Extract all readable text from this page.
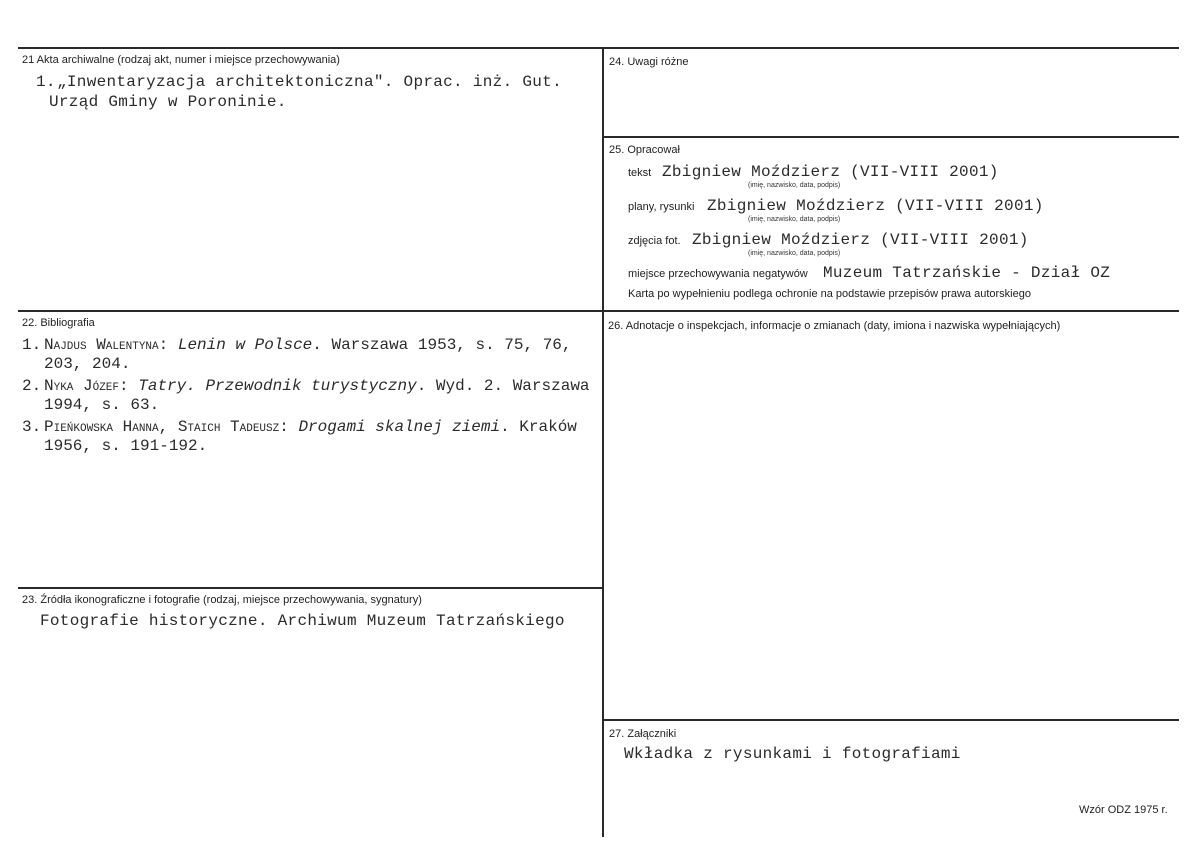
21 Akta archiwalne (rodzaj akt, numer i miejsce przechowywania)
1. „Inwentaryzacja architektoniczna". Oprac. inż. Gut.
Urząd Gminy w Poroninie.
22. Bibliografia
1. Najdus Walentyna: Lenin w Polsce. Warszawa 1953, s. 75, 76, 203, 204.
2. Nyka Józef: Tatry. Przewodnik turystyczny. Wyd. 2. Warszawa 1994, s. 63.
3. Pieńkowska Hanna, Staich Tadeusz: Drogami skalnej ziemi. Kraków 1956, s. 191-192.
23. Źródła ikonograficzne i fotografie (rodzaj, miejsce przechowywania, sygnatury)
Fotografie historyczne. Archiwum Muzeum Tatrzańskiego
24. Uwagi różne
25. Opracował
tekst Zbigniew Moździerz (VII-VIII 2001)
(imię, nazwisko, data, podpis)
plany, rysunki Zbigniew Moździerz (VII-VIII 2001)
(imię, nazwisko, data, podpis)
zdjęcia fot. Zbigniew Moździerz (VII-VIII 2001)
(imię, nazwisko, data, podpis)
miejsce przechowywania negatywów Muzeum Tatrzańskie - Dział OZ
Karta po wypełnieniu podlega ochronie na podstawie przepisów prawa autorskiego
26. Adnotacje o inspekcjach, informacje o zmianach (daty, imiona i nazwiska wypełniających)
27. Załączniki
Wkładka z rysunkami i fotografiami
Wzór ODZ 1975 r.
